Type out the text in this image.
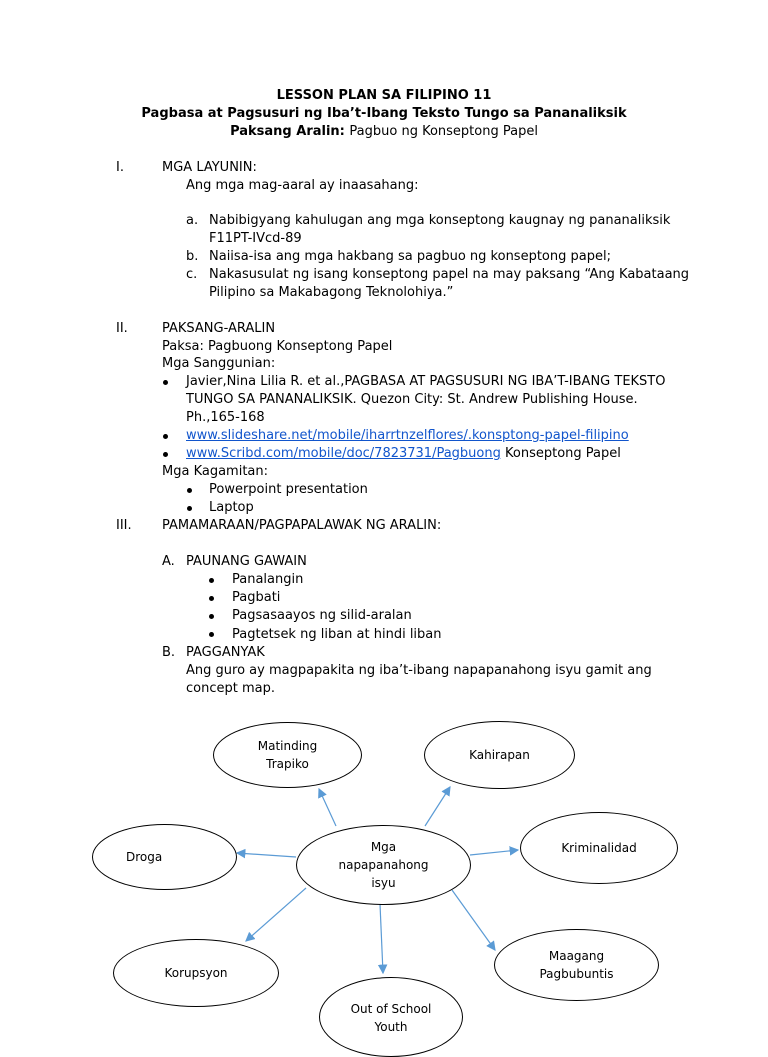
LESSON PLAN SA FILIPINO 11
Pagbasa at Pagsusuri ng Iba’t-Ibang Teksto Tungo sa Pananaliksik
Paksang Aralin: Pagbuo ng Konseptong Papel
I.	MGA LAYUNIN:
Ang mga mag-aaral ay inaasahang:
a. Nabibigyang kahulugan ang mga konseptong kaugnay ng pananaliksik
F11PT-IVcd-89
b. Naiisa-isa ang mga hakbang sa pagbuo ng konseptong papel;
c. Nakasusulat ng isang konseptong papel na may paksang “Ang Kabataang
Pilipino sa Makabagong Teknolohiya.”
II.	PAKSANG-ARALIN
Paksa: Pagbuong Konseptong Papel
Mga Sanggunian:
Javier,Nina Lilia R. et al.,PAGBASA AT PAGSUSURI NG IBA’T-IBANG TEKSTO
TUNGO SA PANANALIKSIK. Quezon City: St. Andrew Publishing House.
Ph.,165-168
www.slideshare.net/mobile/iharrtnzelflores/.konsptong-papel-filipino
www.Scribd.com/mobile/doc/7823731/Pagbuong Konseptong Papel
Mga Kagamitan:
Powerpoint presentation
Laptop
III. PAMAMARAAN/PAGPAPALAWAK NG ARALIN:
A. PAUNANG GAWAIN
Panalangin
Pagbati
Pagsasaayos ng silid-aralan
Pagtetsek ng liban at hindi liban
B. PAGGANYAK
Ang guro ay magpapakita ng iba’t-ibang napapanahong isyu gamit ang
concept map.
Mga
napapanahong
isyu
Matinding
Trapiko
Kahirapan
Droga
Kriminalidad
Korupsyon
Maagang
Pagbubuntis
Out of School
Youth
